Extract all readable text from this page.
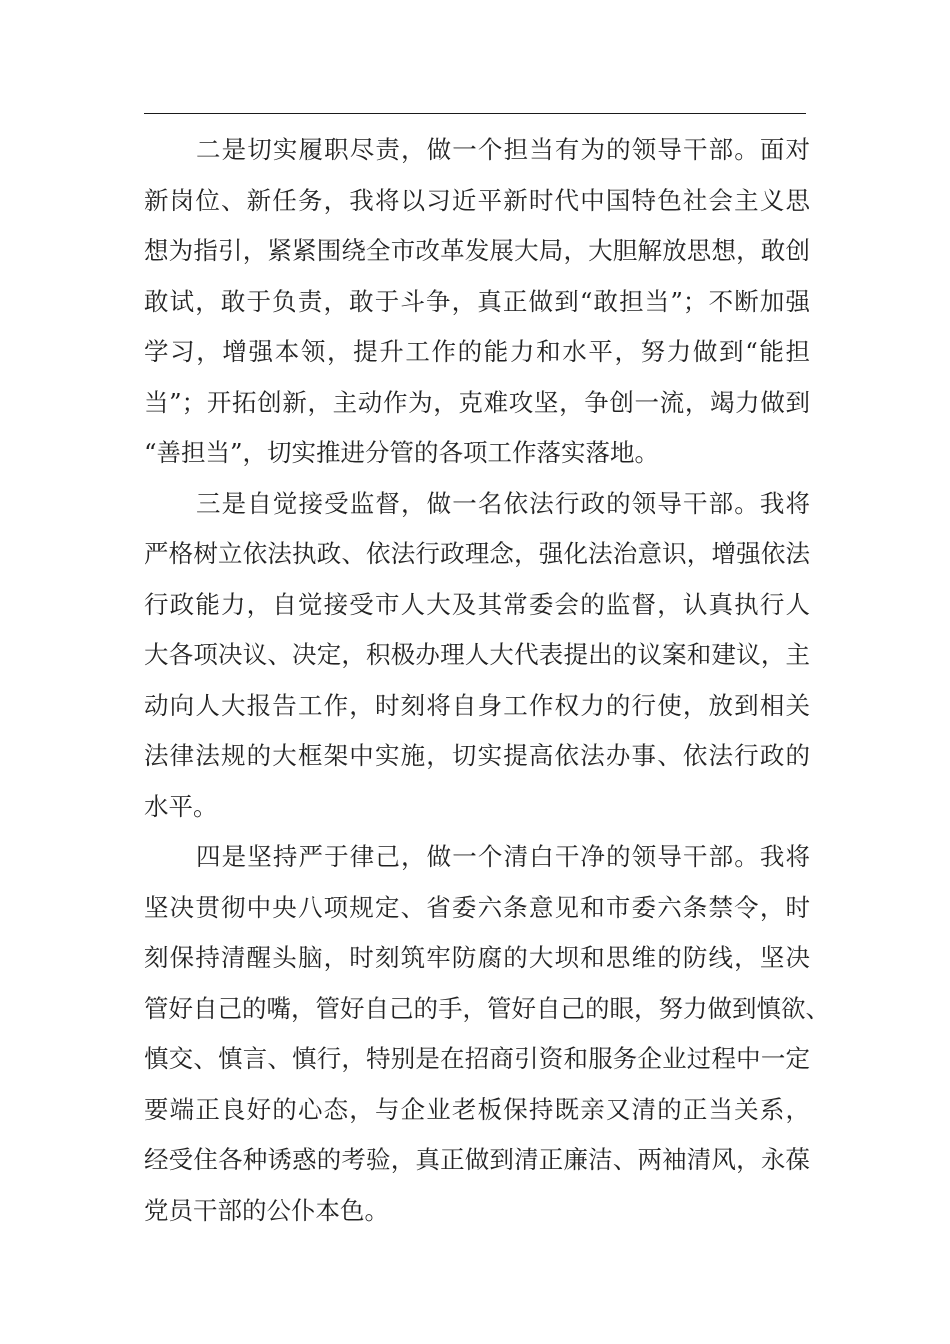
二是切实履职尽责，做一个担当有为的领导干部。面对
新岗位、新任务，我将以习近平新时代中国特色社会主义思
想为指引，紧紧围绕全市改革发展大局，大胆解放思想，敢创
敢试，敢于负责，敢于斗争，真正做到“敢担当”；不断加强
学习，增强本领，提升工作的能力和水平，努力做到“能担
当”；开拓创新，主动作为，克难攻坚，争创一流，竭力做到
“善担当”，切实推进分管的各项工作落实落地。
三是自觉接受监督，做一名依法行政的领导干部。我将
严格树立依法执政、依法行政理念，强化法治意识，增强依法
行政能力，自觉接受市人大及其常委会的监督，认真执行人
大各项决议、决定，积极办理人大代表提出的议案和建议，主
动向人大报告工作，时刻将自身工作权力的行使，放到相关
法律法规的大框架中实施，切实提高依法办事、依法行政的
水平。
四是坚持严于律己，做一个清白干净的领导干部。我将
坚决贯彻中央八项规定、省委六条意见和市委六条禁令，时
刻保持清醒头脑，时刻筑牢防腐的大坝和思维的防线，坚决
管好自己的嘴，管好自己的手，管好自己的眼，努力做到慎欲、
慎交、慎言、慎行，特别是在招商引资和服务企业过程中一定
要端正良好的心态，与企业老板保持既亲又清的正当关系，
经受住各种诱惑的考验，真正做到清正廉洁、两袖清风，永葆
党员干部的公仆本色。
